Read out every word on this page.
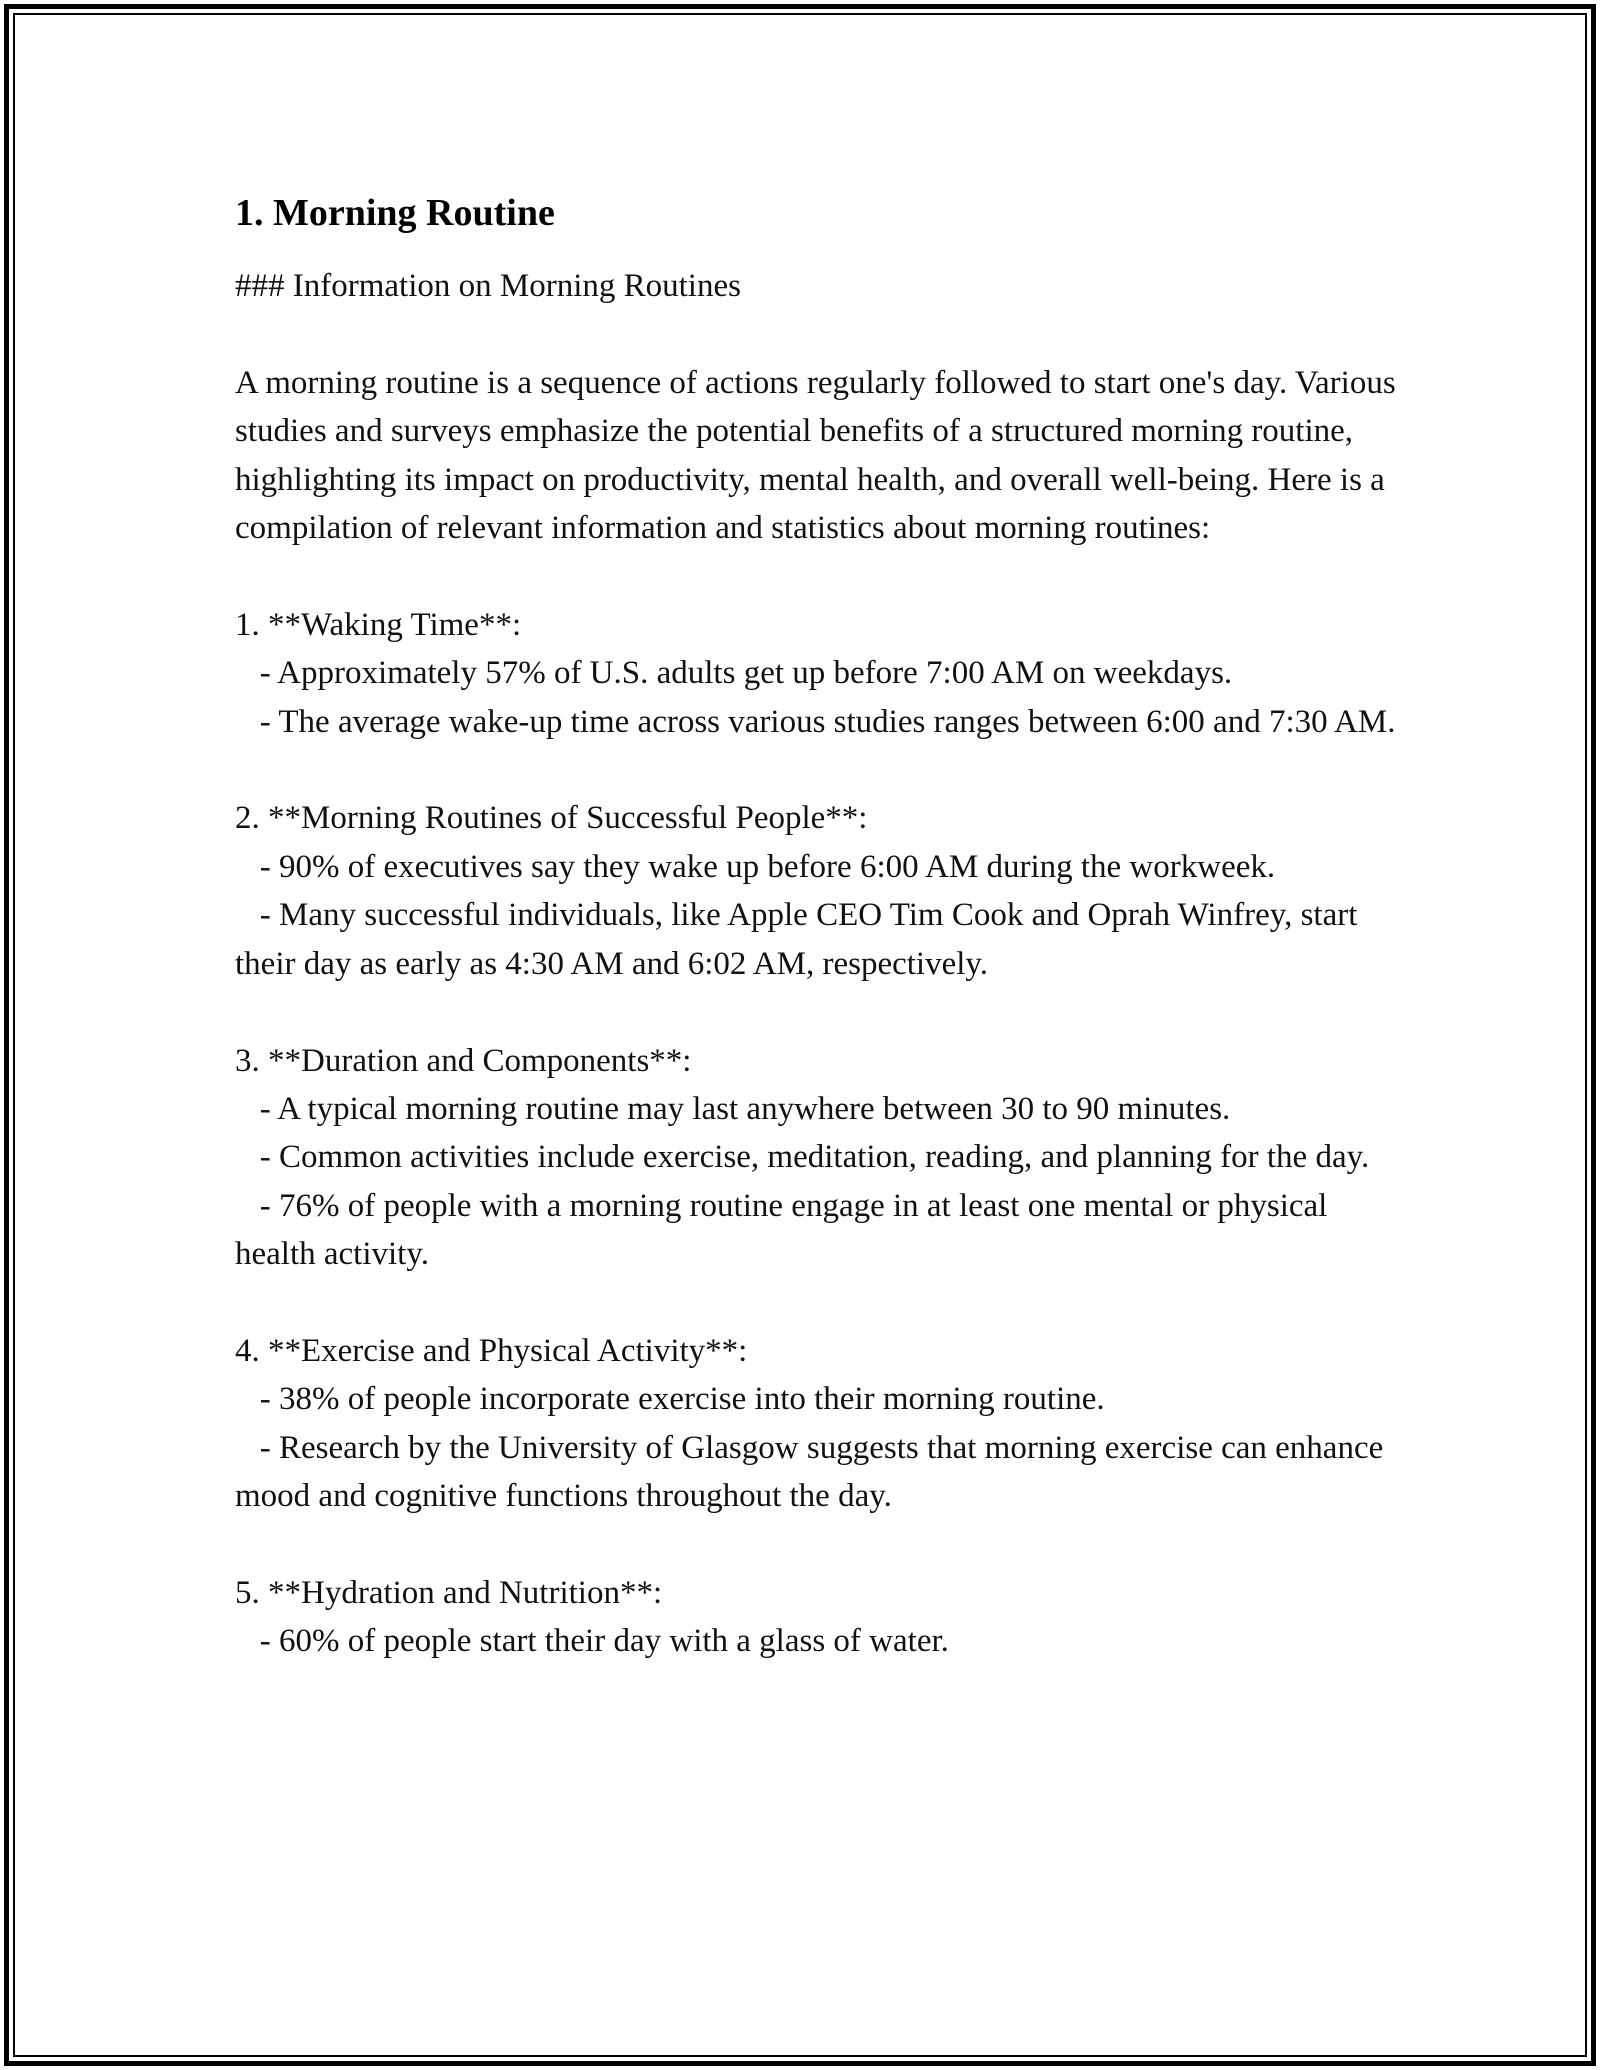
1. Morning Routine
### Information on Morning Routines

A morning routine is a sequence of actions regularly followed to start one's day. Various studies and surveys emphasize the potential benefits of a structured morning routine, highlighting its impact on productivity, mental health, and overall well-being. Here is a compilation of relevant information and statistics about morning routines:

1. **Waking Time**:
- Approximately 57% of U.S. adults get up before 7:00 AM on weekdays.
- The average wake-up time across various studies ranges between 6:00 and 7:30 AM.

2. **Morning Routines of Successful People**:
- 90% of executives say they wake up before 6:00 AM during the workweek.
- Many successful individuals, like Apple CEO Tim Cook and Oprah Winfrey, start their day as early as 4:30 AM and 6:02 AM, respectively.

3. **Duration and Components**:
- A typical morning routine may last anywhere between 30 to 90 minutes.
- Common activities include exercise, meditation, reading, and planning for the day.
- 76% of people with a morning routine engage in at least one mental or physical health activity.

4. **Exercise and Physical Activity**:
- 38% of people incorporate exercise into their morning routine.
- Research by the University of Glasgow suggests that morning exercise can enhance mood and cognitive functions throughout the day.

5. **Hydration and Nutrition**:
- 60% of people start their day with a glass of water.
